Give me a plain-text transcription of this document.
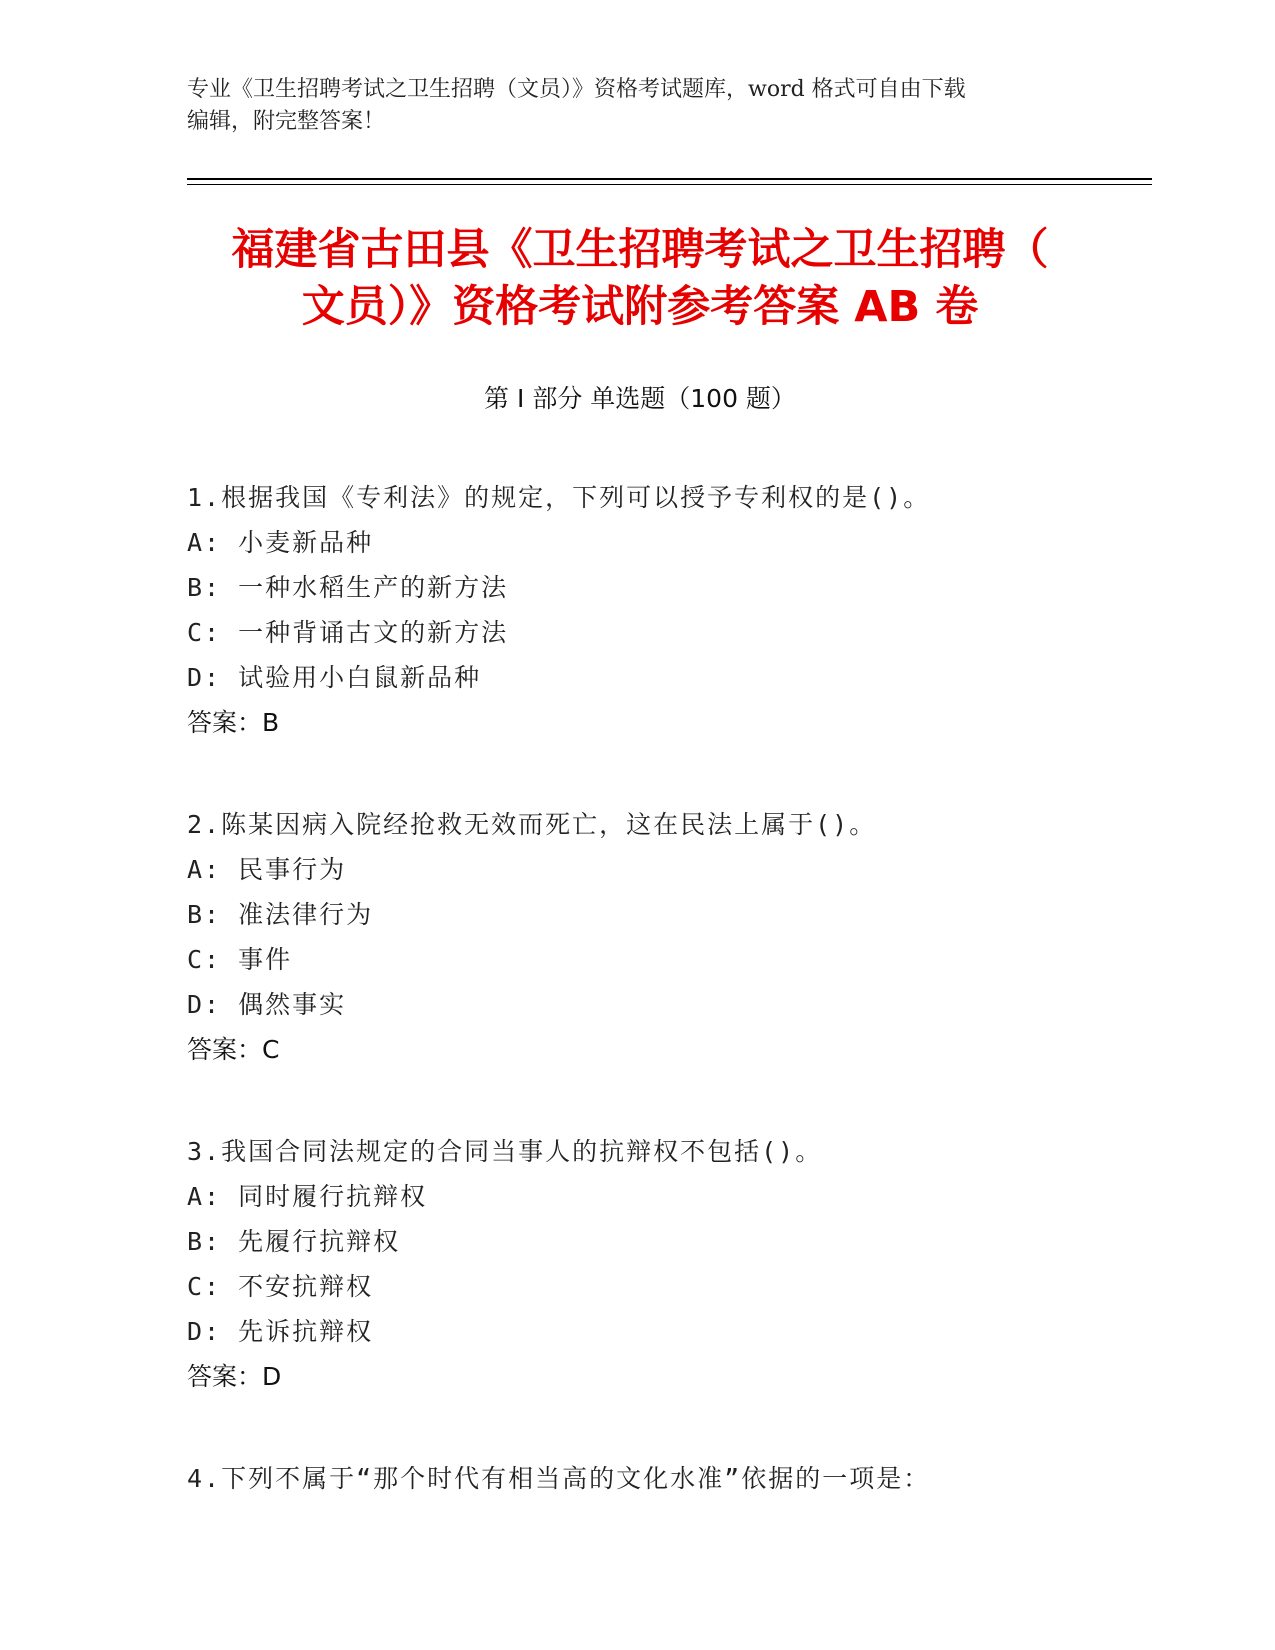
专业《卫生招聘考试之卫生招聘（文员）》资格考试题库，word 格式可自由下载
编辑，附完整答案！
福建省古田县《卫生招聘考试之卫生招聘（
文员）》资格考试附参考答案 AB 卷
第 I 部分 单选题（100 题）
1.根据我国《专利法》的规定，下列可以授予专利权的是()。
A: 小麦新品种
B: 一种水稻生产的新方法
C: 一种背诵古文的新方法
D: 试验用小白鼠新品种
答案：B
2.陈某因病入院经抢救无效而死亡，这在民法上属于()。
A: 民事行为
B: 准法律行为
C: 事件
D: 偶然事实
答案：C
3.我国合同法规定的合同当事人的抗辩权不包括()。
A: 同时履行抗辩权
B: 先履行抗辩权
C: 不安抗辩权
D: 先诉抗辩权
答案：D
4.下列不属于“那个时代有相当高的文化水准”依据的一项是：
